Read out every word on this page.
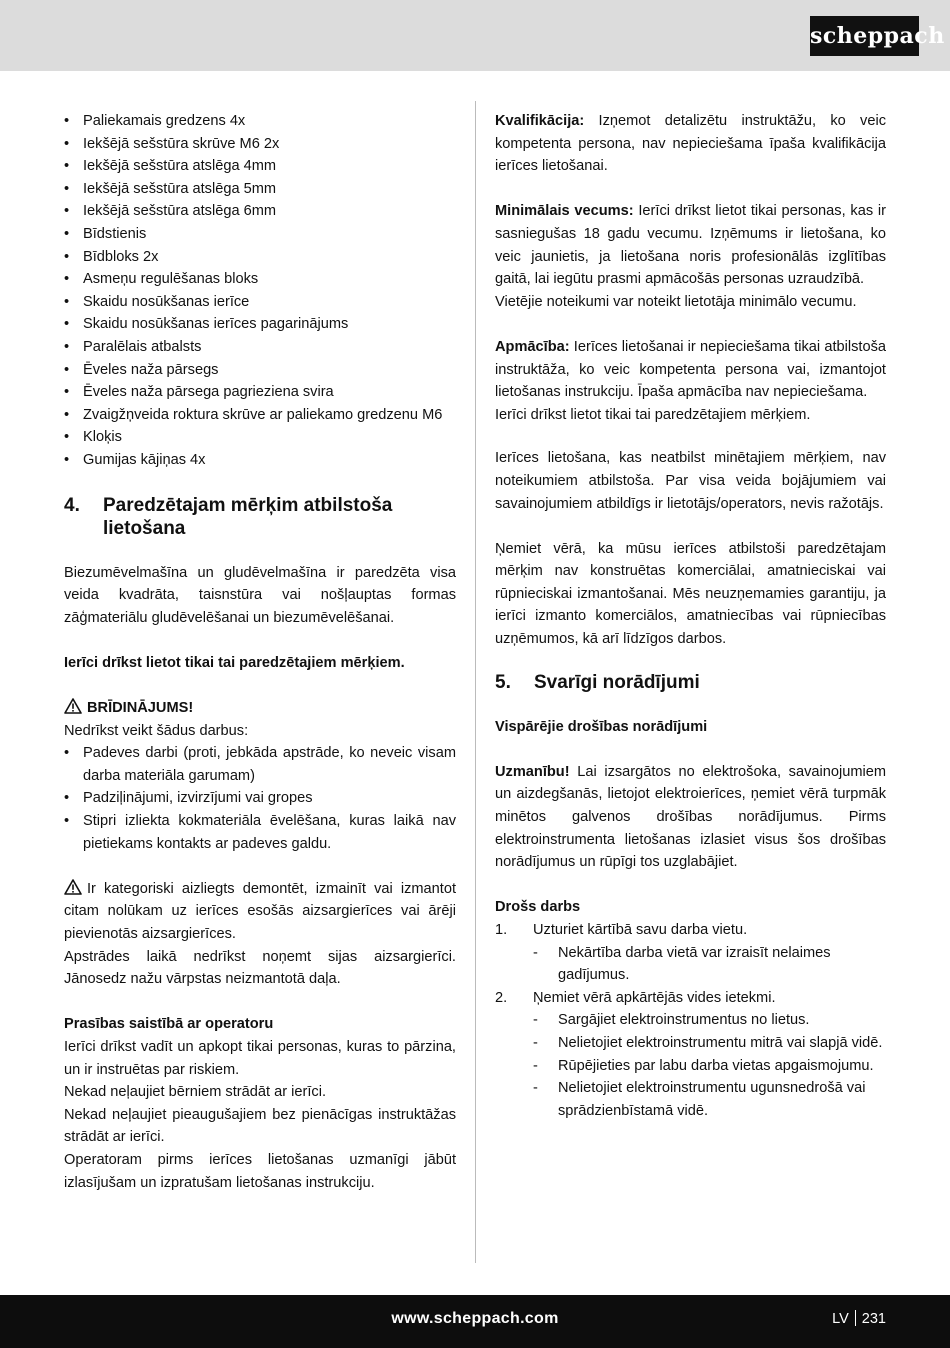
scheppach
• Paliekamais gredzens 4x
• Iekšējā sešstūra skrūve M6 2x
• Iekšējā sešstūra atslēga 4mm
• Iekšējā sešstūra atslēga 5mm
• Iekšējā sešstūra atslēga 6mm
• Bīdstienis
• Bīdbloks 2x
• Asmeņu regulēšanas bloks
• Skaidu nosūkšanas ierīce
• Skaidu nosūkšanas ierīces pagarinājums
• Paralēlais atbalsts
• Ēveles naža pārsegs
• Ēveles naža pārsega pagrieziena svira
• Zvaigžņveida roktura skrūve ar paliekamo gredzenu M6
• Kloķis
• Gumijas kājiņas 4x
4.	Paredzētajam mērķim atbilstoša lietošana

Biezumēvelmašīna un gludēvelmašīna ir paredzēta visa veida kvadrāta, taisnstūra vai nošļauptas formas zāģmateriālu gludēvelēšanai un biezumēvelēšanai.

Ierīci drīkst lietot tikai tai paredzētajiem mērķiem.

BRĪDINĀJUMS!

Nedrīkst veikt šādus darbus:

• Padeves darbi (proti, jebkāda apstrāde, ko neveic visam darba materiāla garumam)
• Padziļinājumi, izvirzījumi vai gropes
• Stipri izliekta kokmateriāla ēvelēšana, kuras laikā nav pietiekams kontakts ar padeves galdu.

Ir kategoriski aizliegts demontēt, izmainīt vai izmantot citam nolūkam uz ierīces esošās aizsargierīces vai ārēji pievienotās aizsargierīces.

Apstrādes laikā nedrīkst noņemt sijas aizsargierīci. Jānosedz nažu vārpstas neizmantotā daļa.

Prasības saistībā ar operatoru

Ierīci drīkst vadīt un apkopt tikai personas, kuras to pārzina, un ir instruētas par riskiem.

Nekad neļaujiet bērniem strādāt ar ierīci.

Nekad neļaujiet pieaugušajiem bez pienācīgas instruktāžas strādāt ar ierīci.

Operatoram pirms ierīces lietošanas uzmanīgi jābūt izlasījušam un izpratušam lietošanas instrukciju.

Kvalifikācija: Izņemot detalizētu instruktāžu, ko veic kompetenta persona, nav nepieciešama īpaša kvalifikācija ierīces lietošanai.

Minimālais vecums: Ierīci drīkst lietot tikai personas, kas ir sasniegušas 18 gadu vecumu. Izņēmums ir lietošana, ko veic jaunietis, ja lietošana noris profesionālās izglītības gaitā, lai iegūtu prasmi apmācošās personas uzraudzībā.

Vietējie noteikumi var noteikt lietotāja minimālo vecumu.

Apmācība: Ierīces lietošanai ir nepieciešama tikai atbilstoša instruktāža, ko veic kompetenta persona vai, izmantojot lietošanas instrukciju. Īpaša apmācība nav nepieciešama.

Ierīci drīkst lietot tikai tai paredzētajiem mērķiem.

Ierīces lietošana, kas neatbilst minētajiem mērķiem, nav noteikumiem atbilstoša. Par visa veida bojājumiem vai savainojumiem atbildīgs ir lietotājs/operators, nevis ražotājs.

Ņemiet vērā, ka mūsu ierīces atbilstoši paredzētajam mērķim nav konstruētas komerciālai, amatnieciskai vai rūpnieciskai izmantošanai. Mēs neuzņemamies garantiju, ja ierīci izmanto komerciālos, amatniecības vai rūpniecības uzņēmumos, kā arī līdzīgos darbos.

5.	Svarīgi norādījumi

Vispārējie drošības norādījumi

Uzmanību! Lai izsargātos no elektrošoka, savainojumiem un aizdegšanās, lietojot elektroierīces, ņemiet vērā turpmāk minētos galvenos drošības norādījumus. Pirms elektroinstrumenta lietošanas izlasiet visus šos drošības norādījumus un rūpīgi tos uzglabājiet.

Drošs darbs

1. Uzturiet kārtībā savu darba vietu.
- Nekārtība darba vietā var izraisīt nelaimes gadījumus.
2. Ņemiet vērā apkārtējās vides ietekmi.
- Sargājiet elektroinstrumentus no lietus.
- Nelietojiet elektroinstrumentu mitrā vai slapjā vidē.
- Rūpējieties par labu darba vietas apgaismojumu.
- Nelietojiet elektroinstrumentu ugunsnedrošā vai sprādzienbīstamā vidē.
www.scheppach.com	LV 231
